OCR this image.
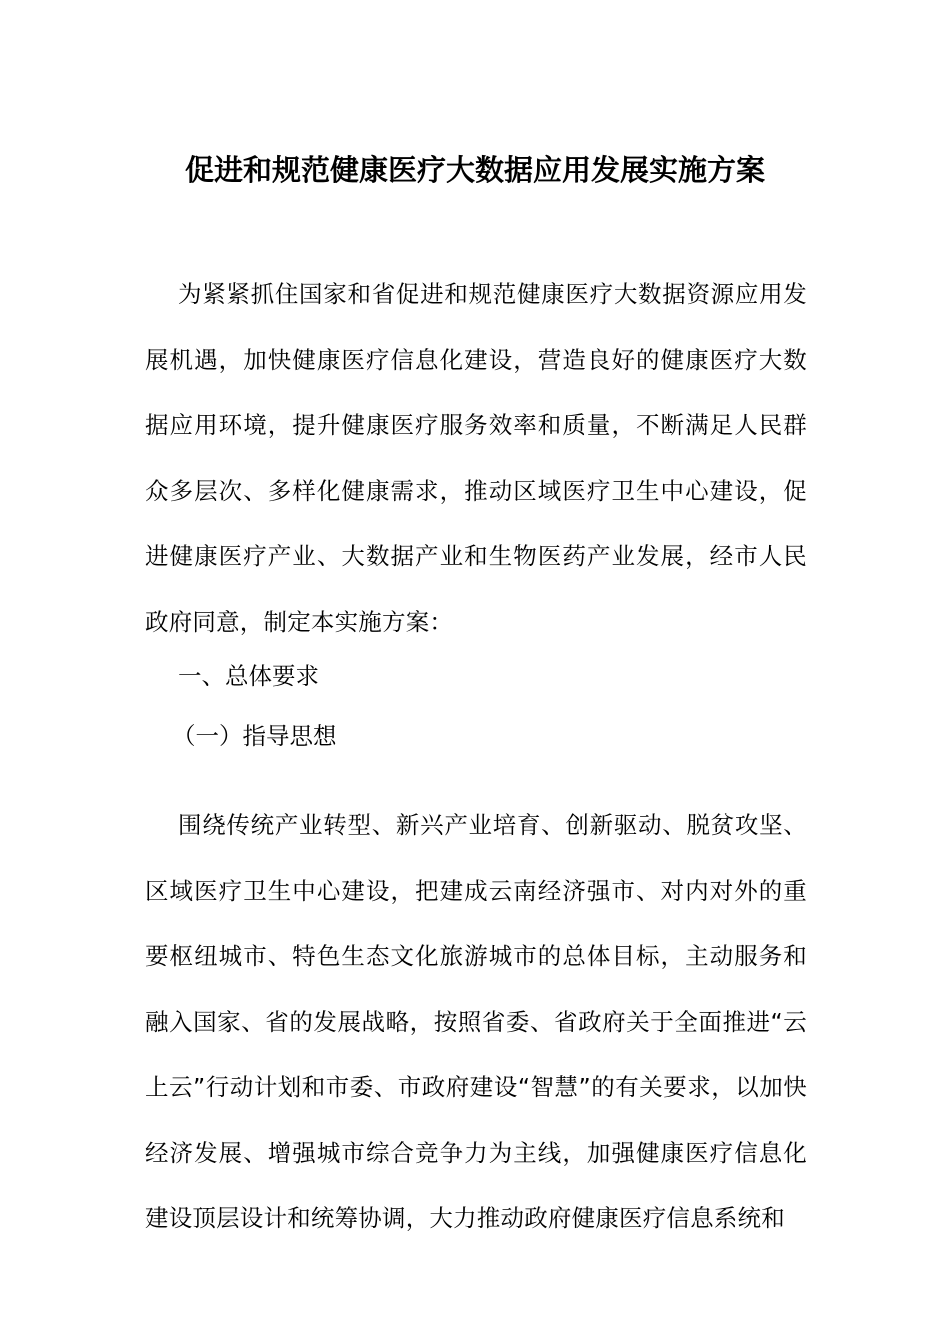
促进和规范健康医疗大数据应用发展实施方案
为紧紧抓住国家和省促进和规范健康医疗大数据资源应用发展机遇，加快健康医疗信息化建设，营造良好的健康医疗大数据应用环境，提升健康医疗服务效率和质量，不断满足人民群众多层次、多样化健康需求，推动区域医疗卫生中心建设，促进健康医疗产业、大数据产业和生物医药产业发展，经市人民政府同意，制定本实施方案：
一、总体要求
（一）指导思想
围绕传统产业转型、新兴产业培育、创新驱动、脱贫攻坚、区域医疗卫生中心建设，把建成云南经济强市、对内对外的重要枢纽城市、特色生态文化旅游城市的总体目标，主动服务和融入国家、省的发展战略，按照省委、省政府关于全面推进“云上云”行动计划和市委、市政府建设“智慧”的有关要求，以加快经济发展、增强城市综合竞争力为主线，加强健康医疗信息化建设顶层设计和统筹协调，大力推动政府健康医疗信息系统和
